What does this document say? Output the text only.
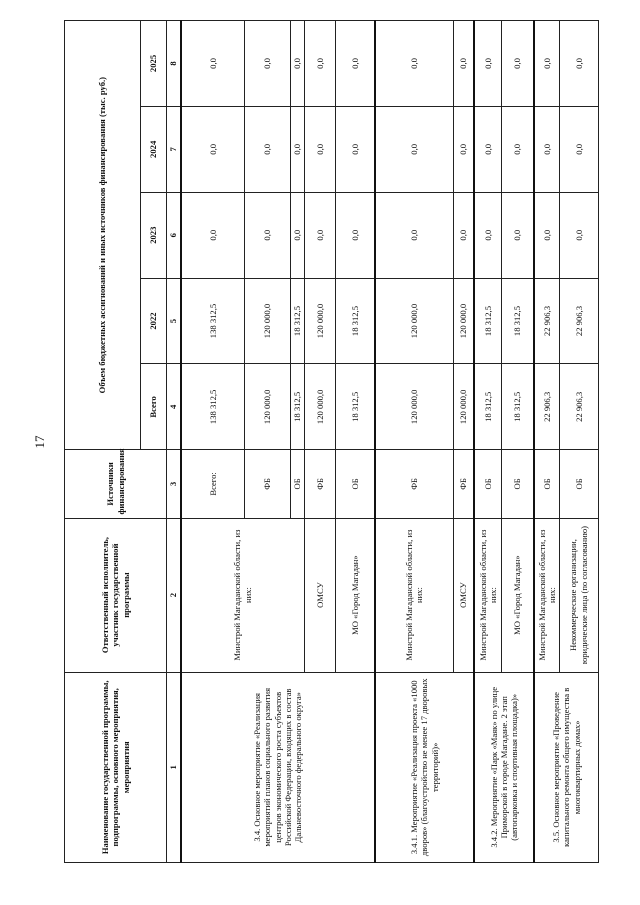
17
Наименование государственной программы, подпрограммы, основного мероприятия, мероприятия	Ответственный исполнитель, участник государственной программы	Источники финансирования	Объем бюджетных ассигнований и иных источников финансирования (тыс. руб.)				
			Всего	2022	2023	2024	2025
1	2	3	4	5	6	7	8
3.4. Основное мероприятие «Реализация мероприятий планов социального развития центров экономического роста субъектов Российской Федерации, входящих в состав Дальневосточного федерального округа»	Минстрой Магаданской области, из них:	Всего:	138 312,5	138 312,5	0,0	0,0	0,0
		ФБ	120 000,0	120 000,0	0,0	0,0	0,0
		ОБ	18 312,5	18 312,5	0,0	0,0	0,0
	ОМСУ	ФБ	120 000,0	120 000,0	0,0	0,0	0,0
	МО «Город Магадан»	ОБ	18 312,5	18 312,5	0,0	0,0	0,0
3.4.1. Мероприятие «Реализация проекта «1000 дворов» (благоустройство не менее 17 дворовых территорий)»	Минстрой Магаданской области, из них:	ФБ	120 000,0	120 000,0	0,0	0,0	0,0
	ОМСУ	ФБ	120 000,0	120 000,0	0,0	0,0	0,0
3.4.2. Мероприятие «Парк «Маяк» по улице Приморской в городе Магадане. 2 этап (автопарковка и спортивная площадка)»	Минстрой Магаданской области, из них:	ОБ	18 312,5	18 312,5	0,0	0,0	0,0
	МО «Город Магадан»	ОБ	18 312,5	18 312,5	0,0	0,0	0,0
3.5. Основное мероприятие «Проведение капитального ремонта общего имущества в многоквартирных домах»	Минстрой Магаданской области, из них:	ОБ	22 906,3	22 906,3	0,0	0,0	0,0
	Некоммерческие организации, юридические лица (по согласованию)	ОБ	22 906,3	22 906,3	0,0	0,0	0,0
